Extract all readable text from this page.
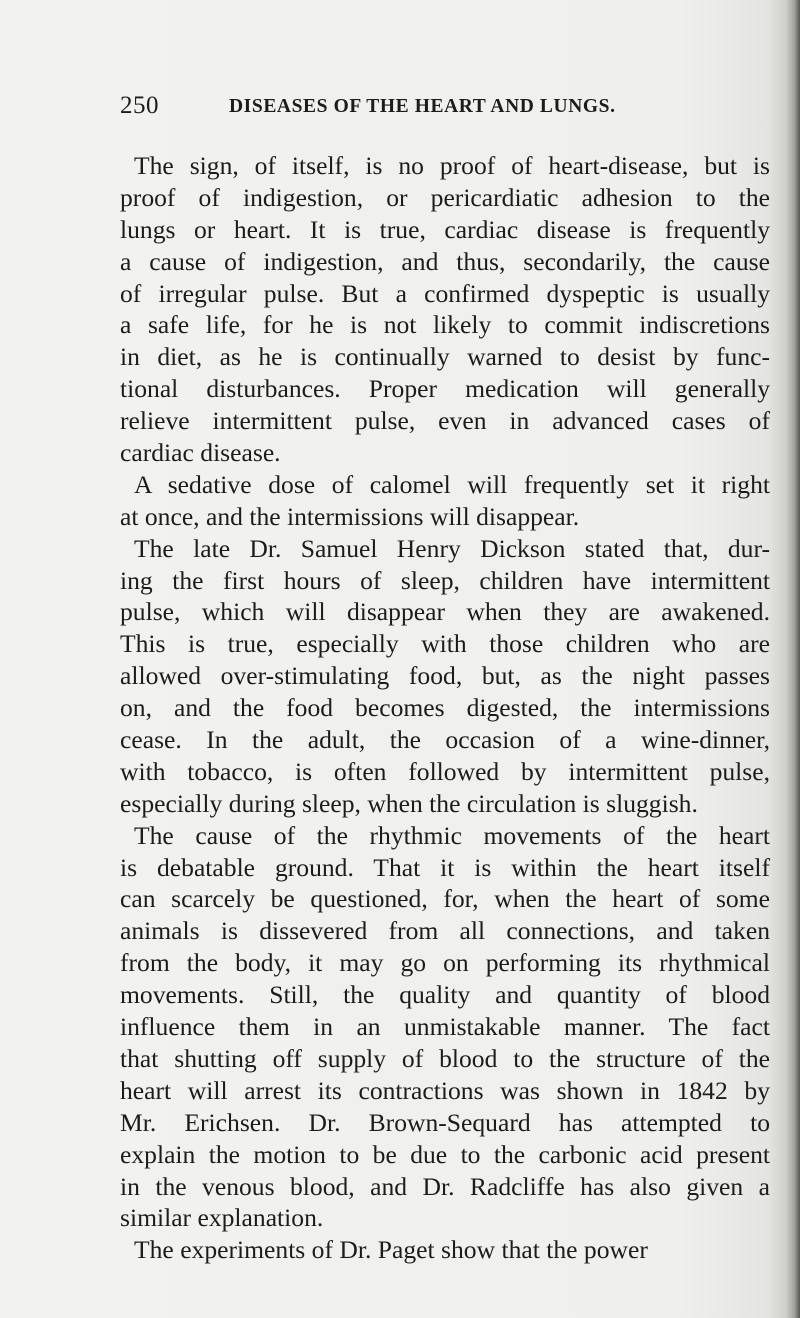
250	DISEASES OF THE HEART AND LUNGS.
The sign, of itself, is no proof of heart-disease, but is
proof of indigestion, or pericardiatic adhesion to the
lungs or heart. It is true, cardiac disease is frequently
a cause of indigestion, and thus, secondarily, the cause
of irregular pulse. But a confirmed dyspeptic is usually
a safe life, for he is not likely to commit indiscretions
in diet, as he is continually warned to desist by func-
tional disturbances. Proper medication will generally
relieve intermittent pulse, even in advanced cases of
cardiac disease.
A sedative dose of calomel will frequently set it right
at once, and the intermissions will disappear.
The late Dr. Samuel Henry Dickson stated that, dur-
ing the first hours of sleep, children have intermittent
pulse, which will disappear when they are awakened.
This is true, especially with those children who are
allowed over-stimulating food, but, as the night passes
on, and the food becomes digested, the intermissions
cease. In the adult, the occasion of a wine-dinner,
with tobacco, is often followed by intermittent pulse,
especially during sleep, when the circulation is sluggish.
The cause of the rhythmic movements of the heart
is debatable ground. That it is within the heart itself
can scarcely be questioned, for, when the heart of some
animals is dissevered from all connections, and taken
from the body, it may go on performing its rhythmical
movements. Still, the quality and quantity of blood
influence them in an unmistakable manner. The fact
that shutting off supply of blood to the structure of the
heart will arrest its contractions was shown in 1842 by
Mr. Erichsen. Dr. Brown-Sequard has attempted to
explain the motion to be due to the carbonic acid present
in the venous blood, and Dr. Radcliffe has also given a
similar explanation.
The experiments of Dr. Paget show that the power
